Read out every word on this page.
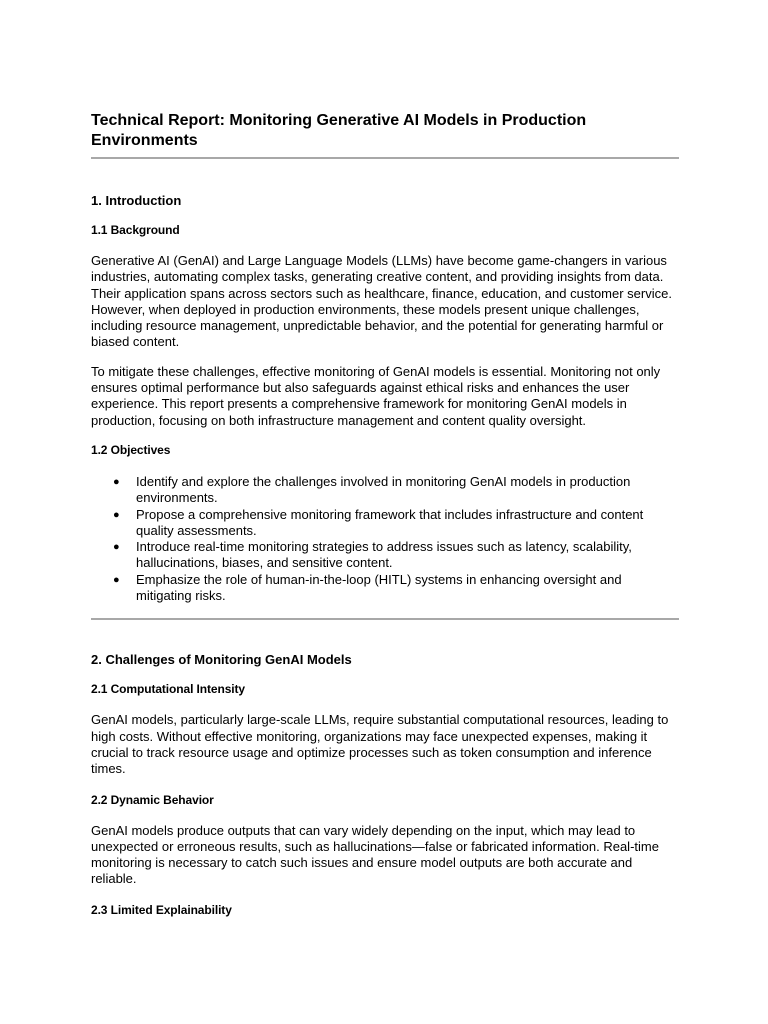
Technical Report: Monitoring Generative AI Models in Production Environments
1. Introduction
1.1 Background

Generative AI (GenAI) and Large Language Models (LLMs) have become game-changers in various industries, automating complex tasks, generating creative content, and providing insights from data. Their application spans across sectors such as healthcare, finance, education, and customer service. However, when deployed in production environments, these models present unique challenges, including resource management, unpredictable behavior, and the potential for generating harmful or biased content.

To mitigate these challenges, effective monitoring of GenAI models is essential. Monitoring not only ensures optimal performance but also safeguards against ethical risks and enhances the user experience. This report presents a comprehensive framework for monitoring GenAI models in production, focusing on both infrastructure management and content quality oversight.

1.2 Objectives
● Identify and explore the challenges involved in monitoring GenAI models in production environments.
● Propose a comprehensive monitoring framework that includes infrastructure and content quality assessments.
● Introduce real-time monitoring strategies to address issues such as latency, scalability, hallucinations, biases, and sensitive content.
● Emphasize the role of human-in-the-loop (HITL) systems in enhancing oversight and mitigating risks.
2. Challenges of Monitoring GenAI Models
2.1 Computational Intensity

GenAI models, particularly large-scale LLMs, require substantial computational resources, leading to high costs. Without effective monitoring, organizations may face unexpected expenses, making it crucial to track resource usage and optimize processes such as token consumption and inference times.

2.2 Dynamic Behavior

GenAI models produce outputs that can vary widely depending on the input, which may lead to unexpected or erroneous results, such as hallucinations—false or fabricated information. Real-time monitoring is necessary to catch such issues and ensure model outputs are both accurate and reliable.

2.3 Limited Explainability
